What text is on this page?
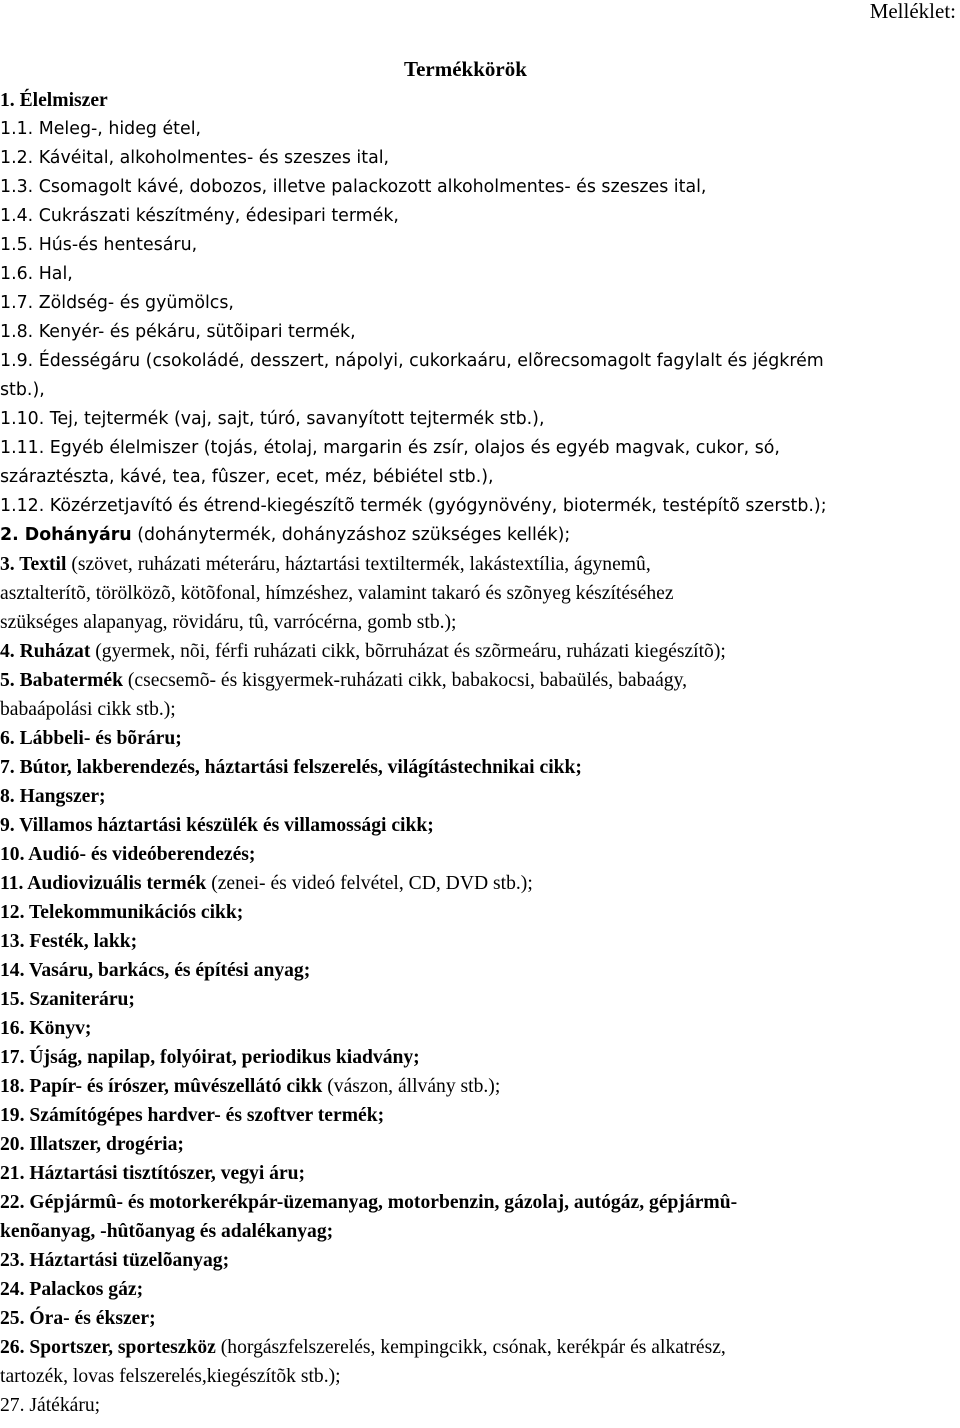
Melléklet:
Termékkörök
1. Élelmiszer
1.1. Meleg-, hideg étel,
1.2. Kávéital, alkoholmentes- és szeszes ital,
1.3. Csomagolt kávé, dobozos, illetve palackozott alkoholmentes- és szeszes ital,
1.4. Cukrászati készítmény, édesipari termék,
1.5. Hús-és hentesáru,
1.6. Hal,
1.7. Zöldség- és gyümölcs,
1.8. Kenyér- és pékáru, sütõipari termék,
1.9. Édességáru (csokoládé, desszert, nápolyi, cukorkaáru, elõrecsomagolt fagylalt és jégkrém
stb.),
1.10. Tej, tejtermék (vaj, sajt, túró, savanyított tejtermék stb.),
1.11. Egyéb élelmiszer (tojás, étolaj, margarin és zsír, olajos és egyéb magvak, cukor, só,
száraztészta, kávé, tea, fûszer, ecet, méz, bébiétel stb.),
1.12. Közérzetjavító és étrend-kiegészítõ termék (gyógynövény, biotermék, testépítõ szerstb.);
2. Dohányáru (dohánytermék, dohányzáshoz szükséges kellék);
3. Textil (szövet, ruházati méteráru, háztartási textiltermék, lakástextília, ágynemû,
asztalterítõ, törölközõ, kötõfonal, hímzéshez, valamint takaró és szõnyeg készítéséhez
szükséges alapanyag, rövidáru, tû, varrócérna, gomb stb.);
4. Ruházat (gyermek, nõi, férfi ruházati cikk, bõrruházat és szõrmeáru, ruházati kiegészítõ);
5. Babatermék (csecsemõ- és kisgyermek-ruházati cikk, babakocsi, babaülés, babaágy,
babaápolási cikk stb.);
6. Lábbeli- és bõráru;
7. Bútor, lakberendezés, háztartási felszerelés, világítástechnikai cikk;
8. Hangszer;
9. Villamos háztartási készülék és villamossági cikk;
10. Audió- és videóberendezés;
11. Audiovizuális termék (zenei- és videó felvétel, CD, DVD stb.);
12. Telekommunikációs cikk;
13. Festék, lakk;
14. Vasáru, barkács, és építési anyag;
15. Szaniteráru;
16. Könyv;
17. Újság, napilap, folyóirat, periodikus kiadvány;
18. Papír- és írószer, mûvészellátó cikk (vászon, állvány stb.);
19. Számítógépes hardver- és szoftver termék;
20. Illatszer, drogéria;
21. Háztartási tisztítószer, vegyi áru;
22. Gépjármû- és motorkerékpár-üzemanyag, motorbenzin, gázolaj, autógáz, gépjármû-
kenõanyag, -hûtõanyag és adalékanyag;
23. Háztartási tüzelõanyag;
24. Palackos gáz;
25. Óra- és ékszer;
26. Sportszer, sporteszköz (horgászfelszerelés, kempingcikk, csónak, kerékpár és alkatrész,
tartozék, lovas felszerelés,kiegészítõk stb.);
27. Játékáru;
